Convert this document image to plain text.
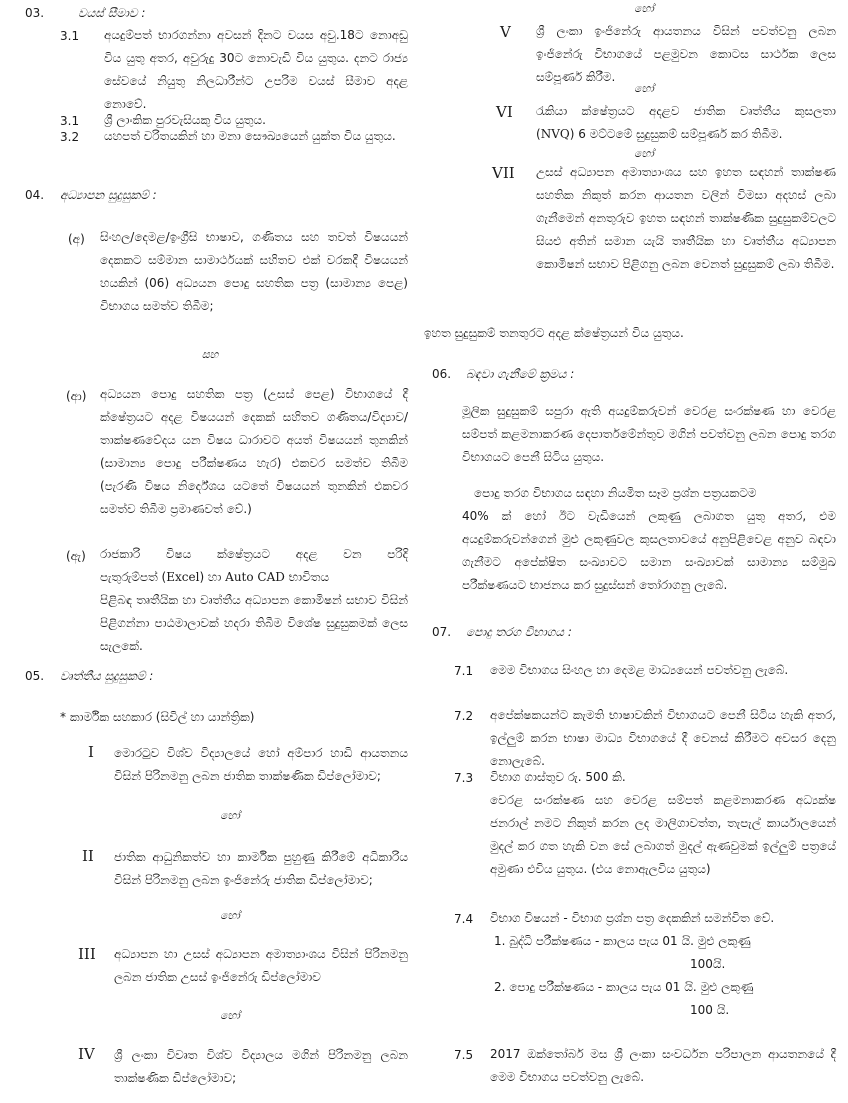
03.	වයස් සීමාව :
3.1 අයදුම්පත් භාරගන්නා අවසන් දිනට වයස අවු.18ට නොඅඩු විය යුතු අතර, අවුරුදු 30ට නොවැඩි විය යුතුය. දනට රාජ්‍ය සේවයේ නියුතු නිලධාරීන්ට උපරිම වයස් සීමාව අදළ නොවේ.
3.1 ශ්‍රී ලාංකික පුරවැසියකු විය යුතුය.
3.2 යහපත් චරිතයකින් හා මනා සෞඛ්‍යයෙන් යුක්ත විය යුතුය.
04. අධ්‍යාපන සුදුසුකම් :
(අ) සිංහල/දෙමළ/ඉංග්‍රීසි භාෂාව, ගණිතය සහ තවත් විෂයයන් දෙකකට සම්මාන සාමාර්ථයක් සහිතව එක් වරකදී විෂයයන් හයකින් (06) අධ්‍යයන පොදු සහතික පත්‍ර (සාමාන්‍ය පෙළ) විභාගය සමත්ව තිබීම;
සහ
(ආ) අධ්‍යයන පොදු සහතික පත්‍ර (උසස් පෙළ) විභාගයේ දී ක්ෂේත්‍රයට අදළ විෂයයන් දෙකක් සහිතව ගණිතය/විද්‍යාව/තාක්ෂණවේදය යන විෂය ධාරාවට අයත් විෂයයන් තුනකින් (සාමාන්‍ය පොදු පරීක්ෂණය හැර) එකවර සමත්ව තිබීම (පැරණි විෂය නිර්දේශය යටතේ විෂයයන් තුනකින් එකවර සමත්ව තිබීම ප්‍රමාණවත් වේ.)
(ඇ) රාජකාරි විෂය ක්ෂේත්‍රයට අදළ වන පරිදි
පැතුරුම්පත් (Excel) හා Auto CAD භාවිතය
පිළිබඳ තෘතීයික හා වෘත්තීය අධ්‍යාපන කොමිෂන් සභාව විසින් පිළිගන්නා පාඨමාලාවක් හදරා තිබීම විශේෂ සුදුසුකමක් ලෙස සැලකේ.
05. වෘත්තීය සුදුසුකම් :
* කාර්මික සහකාර (සිවිල් හා යාන්ත්‍රික)
I මොරටුව විශ්ව විද්‍යාලයේ හෝ අම්පාර හාඩි ආයතනය විසින් පිරිනමනු ලබන ජාතික තාක්ෂණික ඩිප්ලෝමාව;
හෝ
II ජාතික ආධුනිකත්ව හා කාර්මික පුහුණු කිරීමේ අධිකාරිය විසින් පිරිනමනු ලබන ඉංජිනේරු ජාතික ඩිප්ලෝමාව;
හෝ
III අධ්‍යාපන හා උසස් අධ්‍යාපන අමාත්‍යාංශය විසින් පිරිනමනු ලබන ජාතික උසස් ඉංජිනේරු ඩිප්ලෝමාව
හෝ
IV ශ්‍රී ලංකා විවෘත විශ්ව විද්‍යාලය මගින් පිරිනමනු ලබන තාක්ෂණික ඩිප්ලෝමාව;
හෝ
V ශ්‍රී ලංකා ඉංජිනේරු ආයතනය විසින් පවත්වනු ලබන ඉංජිනේරු විභාගයේ පළමුවන කොටස සාර්ථක ලෙස සම්පූර්ණ කිරීම.
හෝ
VI රැකියා ක්ෂේත්‍රයට අදළව ජාතික වෘත්තීය කුසලතා
(NVQ) 6 මට්ටමේ සුදුසුකම් සම්පූර්ණ කර තිබීම.
හෝ
VII උසස් අධ්‍යාපන අමාත්‍යාංශය සහ ඉහත සඳහන් තාක්ෂණ සහතික නිකුත් කරන ආයතන වලින් විමසා අදහස් ලබා ගැනීමෙන් අනතුරුව ඉහත සඳහන් තාක්ෂණික සුදුසුකම්වලට සියළු අතින් සමාන යැයි තෘතීයික හා වෘත්තීය අධ්‍යාපන කොමිෂන් සභාව පිළිගනු ලබන වෙනත් සුදුසුකම් ලබා තිබීම.
ඉහත සුදුසුකම් තනතුරට අදළ ක්ෂේත්‍රයන් විය යුතුය.
06. බඳවා ගැනීමේ ක්‍රමය :
මූලික සුදුසුකම් සපුරා ඇති අයදුම්කරුවන් වෙරළ සංරක්ෂණ හා වෙරළ සම්පත් කළමනාකරණ දෙපාර්තමේන්තුව මගින් පවත්වනු ලබන පොදු තරග විභාගයට පෙනී සිටිය යුතුය.
පොදු තරග විභාගය සඳහා නියමිත සෑම ප්‍රශ්න පත්‍රයකටම
40% ක් හෝ ඊට වැඩියෙන් ලකුණු ලබාගත යුතු අතර, එම අයදුම්කරුවන්ගෙන් මුළු ලකුණුවල කුසලතාවයේ අනුපිළිවෙළ අනුව බඳවා ගැනීමට අපේක්ෂිත සංඛ්‍යාවට සමාන සංඛ්‍යාවක් සාමාන්‍ය සම්මුඛ පරීක්ෂණයට භාජනය කර සුදුස්සන් තෝරාගනු ලැබේ.
07. පොදු තරග විභාගය :
7.1 මෙම විභාගය සිංහල හා දෙමළ මාධ්‍යයෙන් පවත්වනු ලැබේ.
7.2 අපේක්ෂකයන්ට කැමති භාෂාවකින් විභාගයට පෙනී සිටිය හැකි අතර, ඉල්ලුම් කරන භාෂා මාධ්‍ය විභාගයේ දී වෙනස් කිරීමට අවසර දෙනු නොලැබේ.
7.3 විභාග ගාස්තුව රු. 500 කි.
වෙරළ සංරක්ෂණ සහ වෙරළ සම්පත් කළමනාකරණ අධ්‍යක්ෂ ජනරාල් නමට නිකුත් කරන ලද මාලිගාවත්ත, තැපැල් කාර්යාලයෙන් මුදල් කර ගත හැකි වන සේ ලබාගත් මුදල් ඇණවුමක් ඉල්ලුම් පත්‍රයේ අමුණා එවිය යුතුය. (එය නොඇලවිය යුතුය)
7.4 විභාග විෂයන් - විභාග ප්‍රශ්න පත්‍ර දෙකකින් සමන්විත වේ.
1. බුද්ධි පරීක්ෂණය - කාලය පැය 01 යි. මුළු ලකුණු
100යි.
2. පොදු පරීක්ෂණය - කාලය පැය 01 යි. මුළු ලකුණු
100 යි.
7.5 2017 ඔක්තෝබර් මස ශ්‍රී ලංකා සංවර්ධන පරිපාලන ආයතනයේ දී මෙම විභාගය පවත්වනු ලැබේ.
